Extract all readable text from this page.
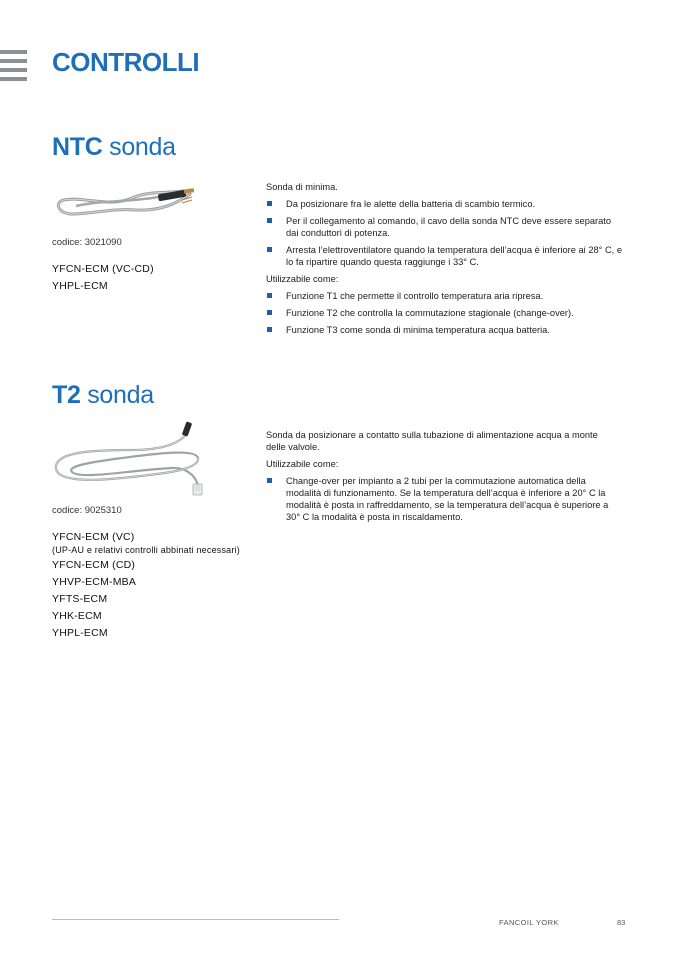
CONTROLLI
NTC sonda
codice: 3021090
YFCN-ECM (VC-CD)
YHPL-ECM

Sonda di minima.

Da posizionare fra le alette della batteria di scambio termico.
Per il collegamento al comando, il cavo della sonda NTC deve essere separato dai conduttori di potenza.
Arresta l’elettroventilatore quando la temperatura dell’acqua è inferiore ai 28° C, e lo fa ripartire quando questa raggiunge i 33° C.

Utilizzabile come:

Funzione T1 che permette il controllo temperatura aria ripresa.
Funzione T2 che controlla la commutazione stagionale (change-over).
Funzione T3 come sonda di minima temperatura acqua batteria.
T2 sonda
codice: 9025310
YFCN-ECM (VC)
(UP-AU e relativi controlli abbinati necessari)
YFCN-ECM (CD)
YHVP-ECM-MBA
YFTS-ECM
YHK-ECM
YHPL-ECM

Sonda da posizionare a contatto sulla tubazione di alimentazione acqua a monte delle valvole.

Utilizzabile come:

Change-over per impianto a 2 tubi per la commutazione automatica della modalità di funzionamento. Se la temperatura dell’acqua è inferiore a 20° C la modalità è posta in raffreddamento, se la temperatura dell’acqua è superiore a 30° C la modalità è posta in riscaldamento.
FANCOIL YORK	83
